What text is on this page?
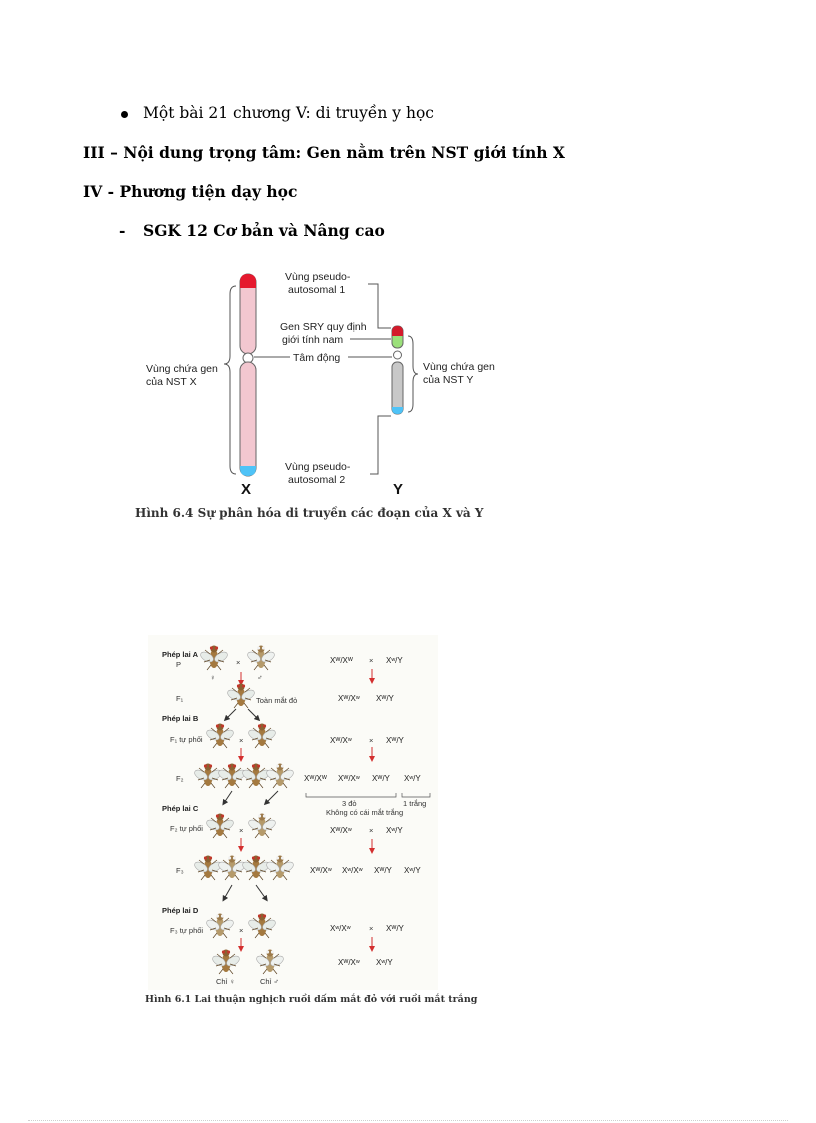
Một bài 21 chương V: di truyền y học
III – Nội dung trọng tâm: Gen nằm trên NST giới tính X
IV - Phương tiện dạy học
- SGK 12 Cơ bản và Nâng cao
Vùng pseudo-
autosomal 1
Gen SRY quy định
giới tính nam
Tâm động
Vùng chứa gen
của NST X
Vùng chứa gen
của NST Y
Vùng pseudo-
autosomal 2
X	Y
Hình 6.4 Sự phân hóa di truyền các đoạn của X và Y
Phép lai A
P	×
♀	♂
Xᵂ/Xᵂ × Xʷ/Y
F₁	Toàn mắt đỏ	Xᵂ/Xʷ Xᵂ/Y
Phép lai B
F₁ tự phối	×	Xᵂ/Xʷ × Xᵂ/Y
F₂	Xᵂ/Xᵂ Xᵂ/Xʷ Xᵂ/Y Xʷ/Y
3 đỏ	1 trắng
Không có cái mắt trắng
Phép lai C
F₂ tự phối	×	Xᵂ/Xʷ × Xʷ/Y
F₃	Xᵂ/Xʷ Xʷ/Xʷ Xᵂ/Y Xʷ/Y
Phép lai D
F₃ tự phối	×	Xʷ/Xʷ × Xᵂ/Y
Chỉ ♀	Chỉ ♂
Xᵂ/Xʷ Xʷ/Y
Hình 6.1 Lai thuận nghịch ruồi dấm mắt đỏ với ruồi mắt trắng
